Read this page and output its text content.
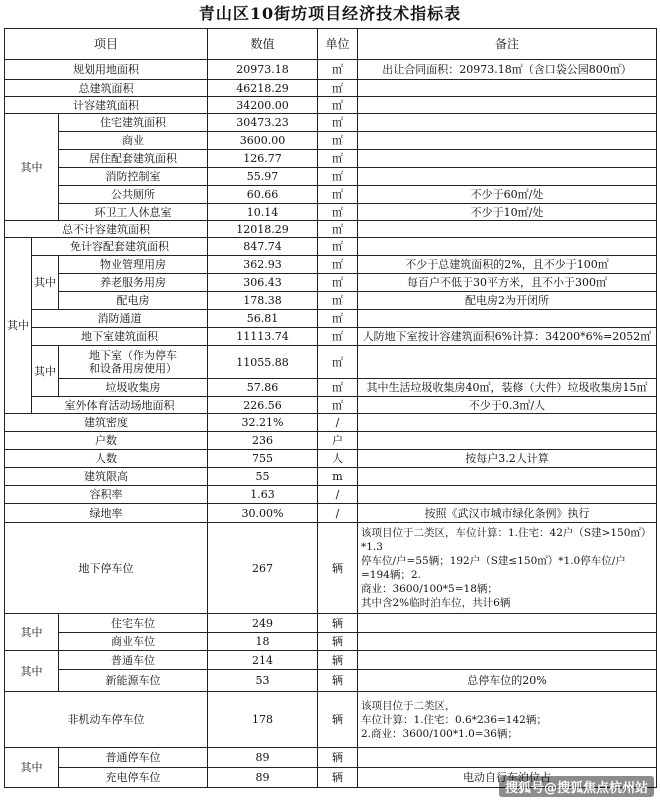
青山区10街坊项目经济技术指标表
项目			数值	单位	备注
规划用地面积			20973.18	㎡	出让合同面积：20973.18㎡（含口袋公园800㎡）
总建筑面积			46218.29	㎡	
计容建筑面积			34200.00	㎡	
其中		住宅建筑面积	30473.23	㎡	
		商业	3600.00	㎡	
		居住配套建筑面积	126.77	㎡	
		消防控制室	55.97	㎡	
		公共厕所	60.66	㎡	不少于60㎡/处
		环卫工人休息室	10.14	㎡	不少于10㎡/处
总不计容建筑面积			12018.29	㎡	
其中	免计容配套建筑面积		847.74	㎡	
	其中	物业管理用房	362.93	㎡	不少于总建筑面积的2%，且不少于100㎡
		养老服务用房	306.43	㎡	每百户不低于30平方米，且不小于300㎡
		配电房	178.38	㎡	配电房2为开闭所
	消防通道		56.81	㎡	
	地下室建筑面积		11113.74	㎡	人防地下室按计容建筑面积6%计算：34200*6%=2052㎡
	其中	地下室（作为停车
和设备用房使用）	11055.88	㎡	
		垃圾收集房	57.86	㎡	其中生活垃圾收集房40㎡，装修（大件）垃圾收集房15㎡
	室外体育活动场地面积		226.56	㎡	不少于0.3㎡/人
建筑密度			32.21%	/	
户数			236	户	
人数			755	人	按每户3.2人计算
建筑限高			55	m	
容积率			1.63	/	
绿地率			30.00%	/	按照《武汉市城市绿化条例》执行
地下停车位			267	辆	该项目位于二类区，车位计算：1.住宅：42户（S建>150㎡）*1.3
停车位/户=55辆；192户（S建≤150㎡）*1.0停车位/户=194辆；2.
商业：3600/100*5=18辆；
其中含2%临时泊车位，共计6辆

其中		住宅车位	249	辆	
		商业车位	18	辆	
其中		普通车位	214	辆	
		新能源车位	53	辆	总停车位的20%
非机动车停车位			178	辆	该项目位于二类区，
车位计算：1.住宅：0.6*236=142辆；
2.商业：3600/100*1.0=36辆；

其中		普通停车位	89	辆	
		充电停车位	89	辆	电动自行车泊位占
搜狐号@搜狐焦点杭州站
